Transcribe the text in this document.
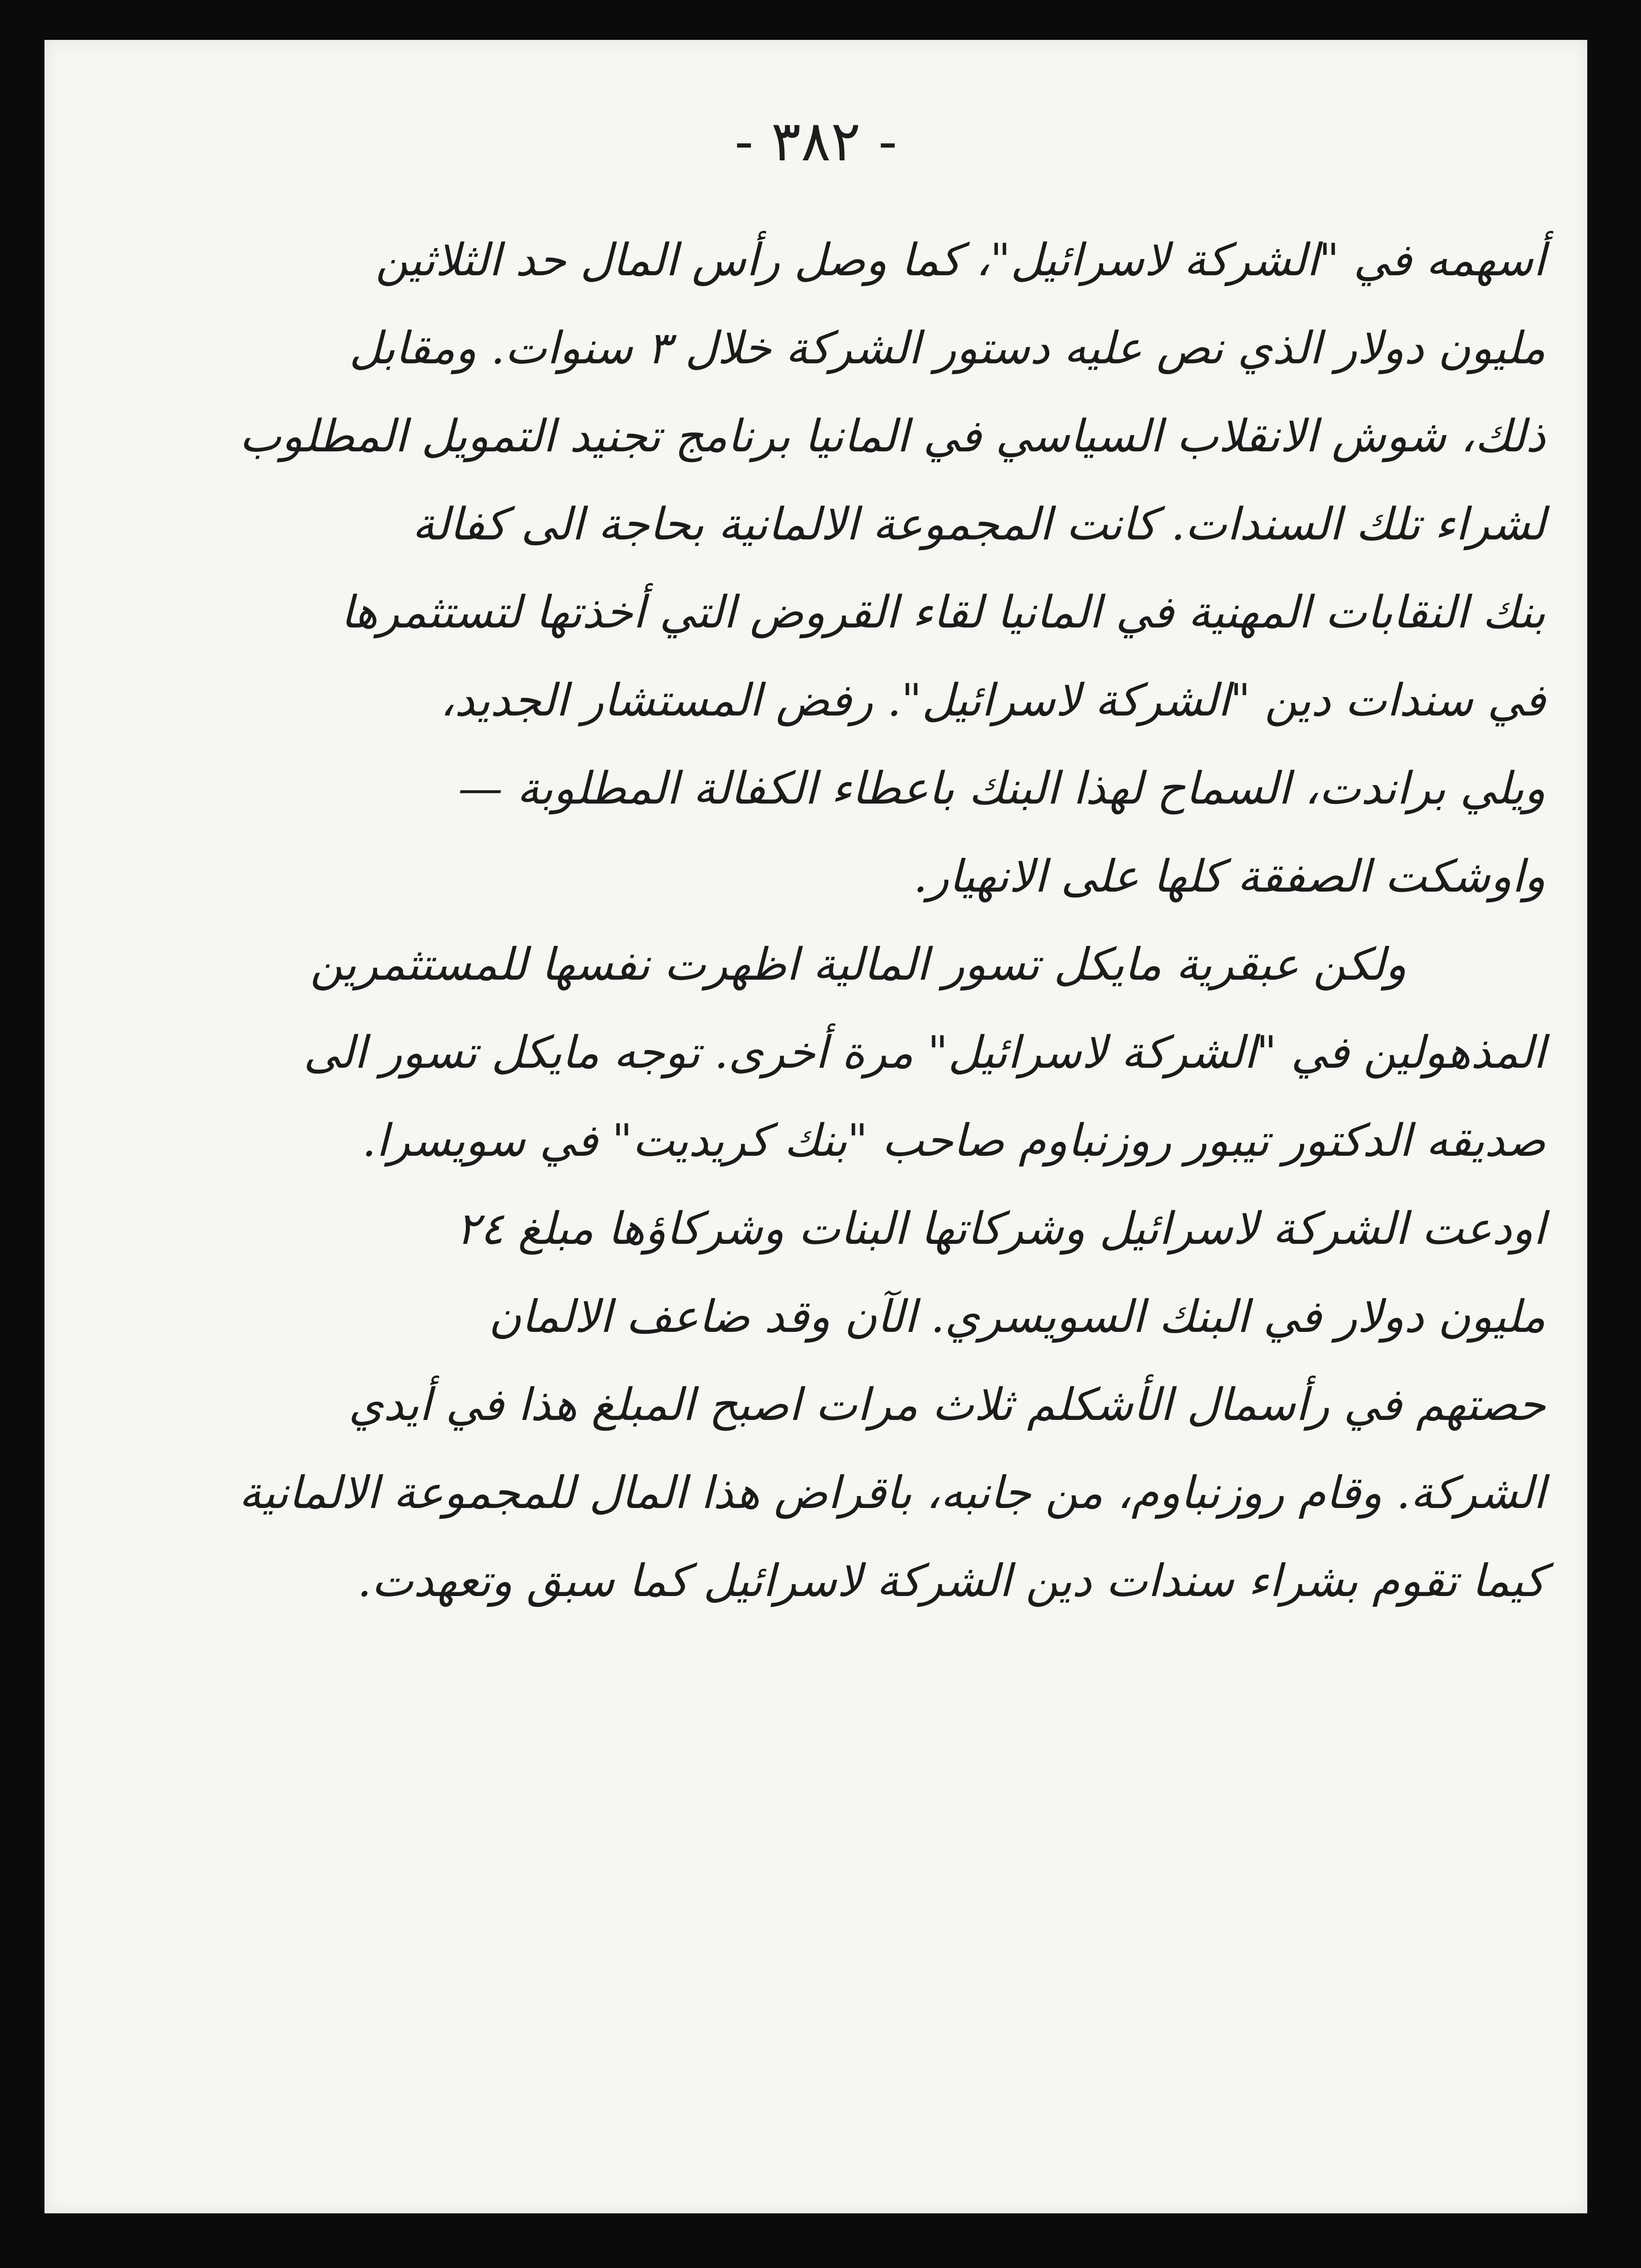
- ٣٨٢ -
أسهمه في "الشركة لاسرائيل"، كما وصل رأس المال حد الثلاثين
مليون دولار الذي نص عليه دستور الشركة خلال ٣ سنوات. ومقابل
ذلك، شوش الانقلاب السياسي في المانيا برنامج تجنيد التمويل المطلوب
لشراء تلك السندات. كانت المجموعة الالمانية بحاجة الى كفالة
بنك النقابات المهنية في المانيا لقاء القروض التي أخذتها لتستثمرها
في سندات دين "الشركة لاسرائيل". رفض المستشار الجديد،
ويلي براندت، السماح لهذا البنك باعطاء الكفالة المطلوبة —
واوشكت الصفقة كلها على الانهيار.
ولكن عبقرية مايكل تسور المالية اظهرت نفسها للمستثمرين
المذهولين في "الشركة لاسرائيل" مرة أخرى. توجه مايكل تسور الى
صديقه الدكتور تيبور روزنباوم صاحب "بنك كريديت" في سويسرا.
اودعت الشركة لاسرائيل وشركاتها البنات وشركاؤها مبلغ ٢٤
مليون دولار في البنك السويسري. الآن وقد ضاعف الالمان
حصتهم في رأسمال الأشكلم ثلاث مرات اصبح المبلغ هذا في أيدي
الشركة. وقام روزنباوم، من جانبه، باقراض هذا المال للمجموعة الالمانية
كيما تقوم بشراء سندات دين الشركة لاسرائيل كما سبق وتعهدت.
